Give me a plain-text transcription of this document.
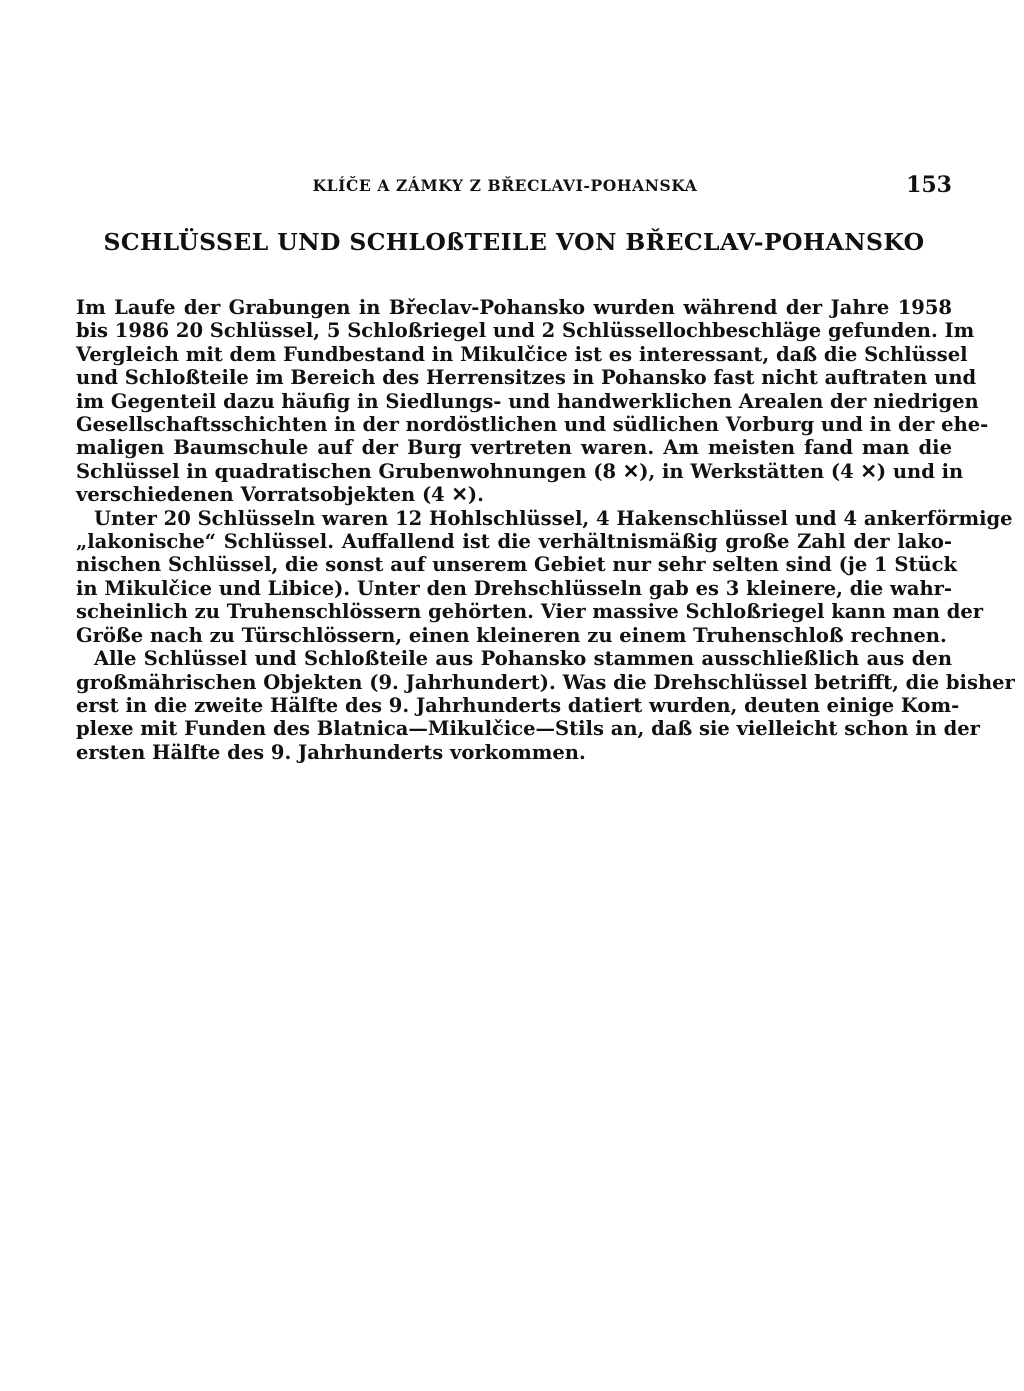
KLÍČE A ZÁMKY Z BŘECLAVI-POHANSKA	153
SCHLÜSSEL UND SCHLOßTEILE VON BŘECLAV-POHANSKO
Im Laufe der Grabungen in Břeclav-Pohansko wurden während der Jahre 1958
bis 1986 20 Schlüssel, 5 Schloßriegel und 2 Schlüssellochbeschläge gefunden. Im
Vergleich mit dem Fundbestand in Mikulčice ist es interessant, daß die Schlüssel
und Schloßteile im Bereich des Herrensitzes in Pohansko fast nicht auftraten und
im Gegenteil dazu häufig in Siedlungs- und handwerklichen Arealen der niedrigen
Gesellschaftsschichten in der nordöstlichen und südlichen Vorburg und in der ehe-
maligen Baumschule auf der Burg vertreten waren. Am meisten fand man die
Schlüssel in quadratischen Grubenwohnungen (8 ✕), in Werkstätten (4 ✕) und in
verschiedenen Vorratsobjekten (4 ✕).
Unter 20 Schlüsseln waren 12 Hohlschlüssel, 4 Hakenschlüssel und 4 ankerförmige
„lakonische“ Schlüssel. Auffallend ist die verhältnismäßig große Zahl der lako-
nischen Schlüssel, die sonst auf unserem Gebiet nur sehr selten sind (je 1 Stück
in Mikulčice und Libice). Unter den Drehschlüsseln gab es 3 kleinere, die wahr-
scheinlich zu Truhenschlössern gehörten. Vier massive Schloßriegel kann man der
Größe nach zu Türschlössern, einen kleineren zu einem Truhenschloß rechnen.
Alle Schlüssel und Schloßteile aus Pohansko stammen ausschließlich aus den
großmährischen Objekten (9. Jahrhundert). Was die Drehschlüssel betrifft, die bisher
erst in die zweite Hälfte des 9. Jahrhunderts datiert wurden, deuten einige Kom-
plexe mit Funden des Blatnica—Mikulčice—Stils an, daß sie vielleicht schon in der
ersten Hälfte des 9. Jahrhunderts vorkommen.
